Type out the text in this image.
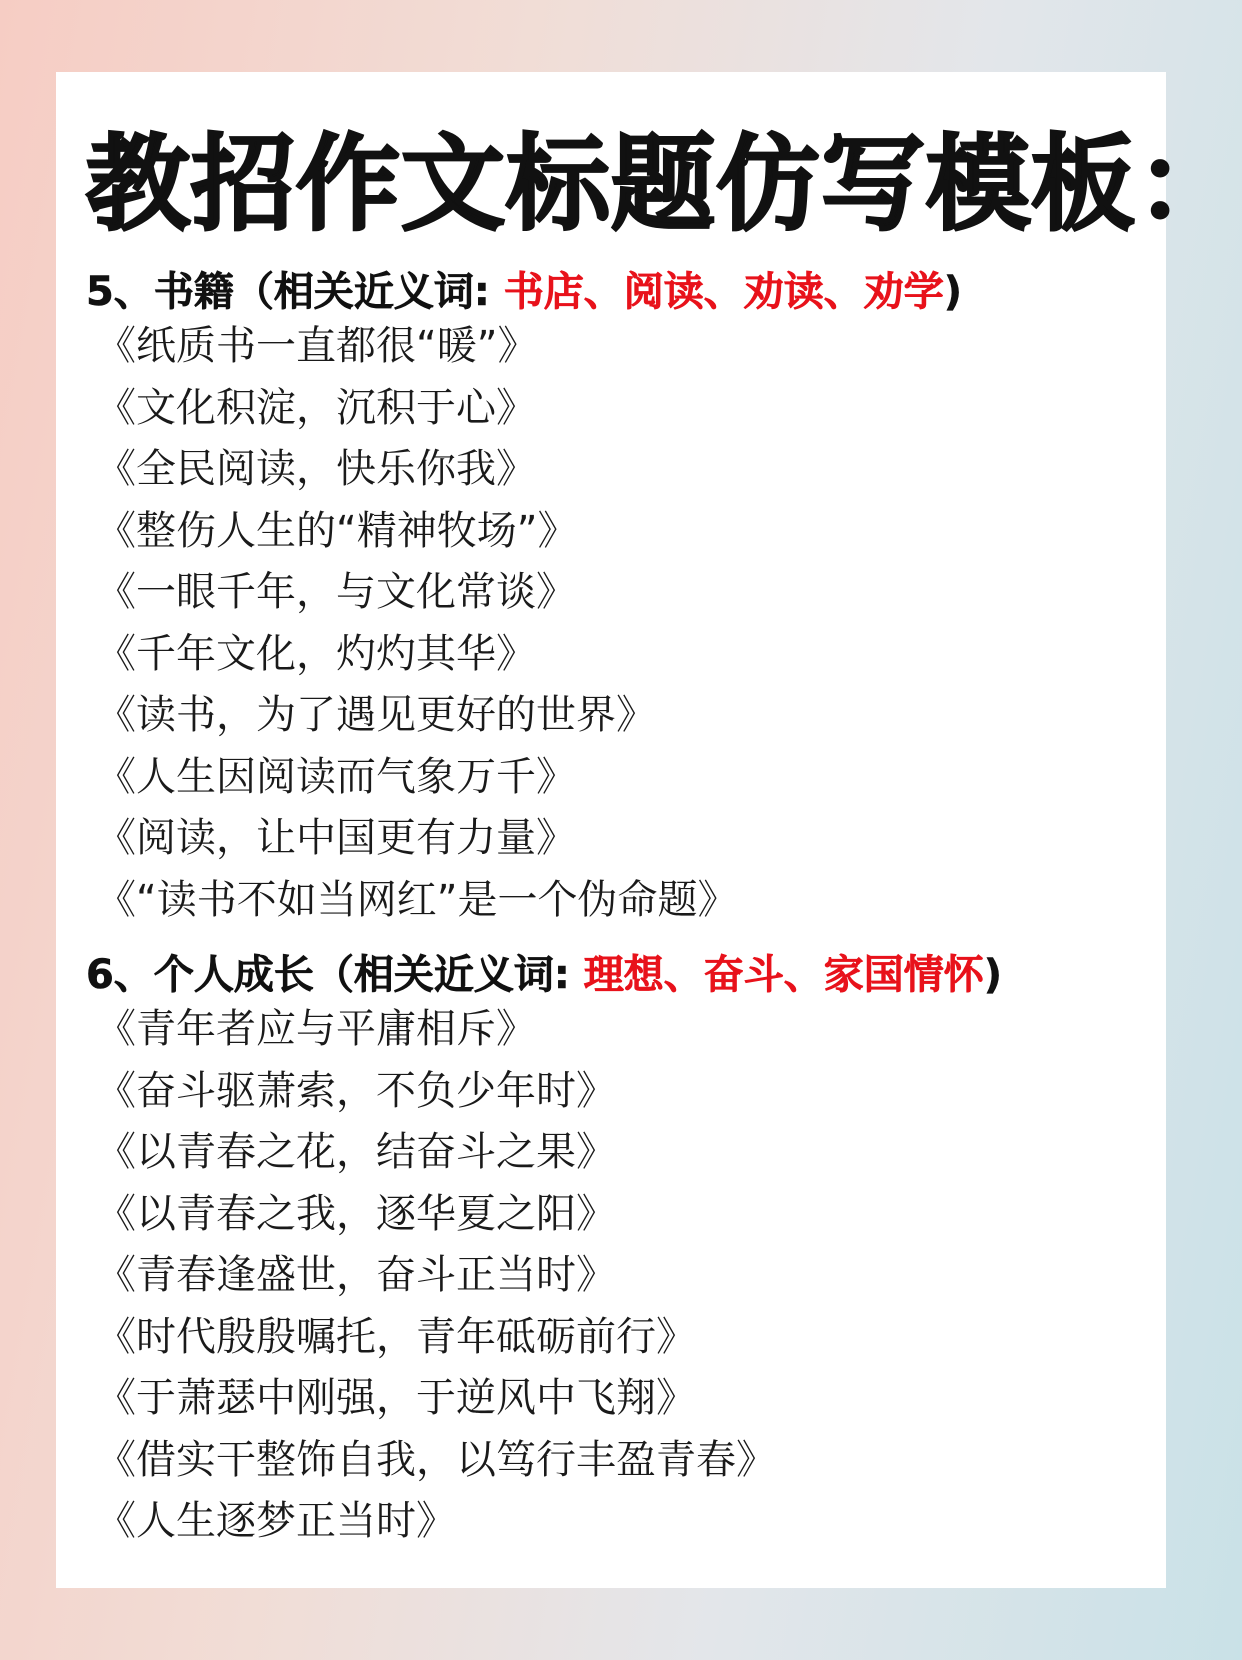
教招作文标题仿写模板：
5、书籍（相关近义词: 书店、阅读、劝读、劝学)
《纸质书一直都很“暖”》
《文化积淀，沉积于心》
《全民阅读，快乐你我》
《整伤人生的“精神牧场”》
《一眼千年，与文化常谈》
《千年文化，灼灼其华》
《读书，为了遇见更好的世界》
《人生因阅读而气象万千》
《阅读，让中国更有力量》
《“读书不如当网红”是一个伪命题》
6、个人成长（相关近义词: 理想、奋斗、家国情怀)
《青年者应与平庸相斥》
《奋斗驱萧索，不负少年时》
《以青春之花，结奋斗之果》
《以青春之我，逐华夏之阳》
《青春逢盛世，奋斗正当时》
《时代殷殷嘱托，青年砥砺前行》
《于萧瑟中刚强，于逆风中飞翔》
《借实干整饰自我，以笃行丰盈青春》
《人生逐梦正当时》
